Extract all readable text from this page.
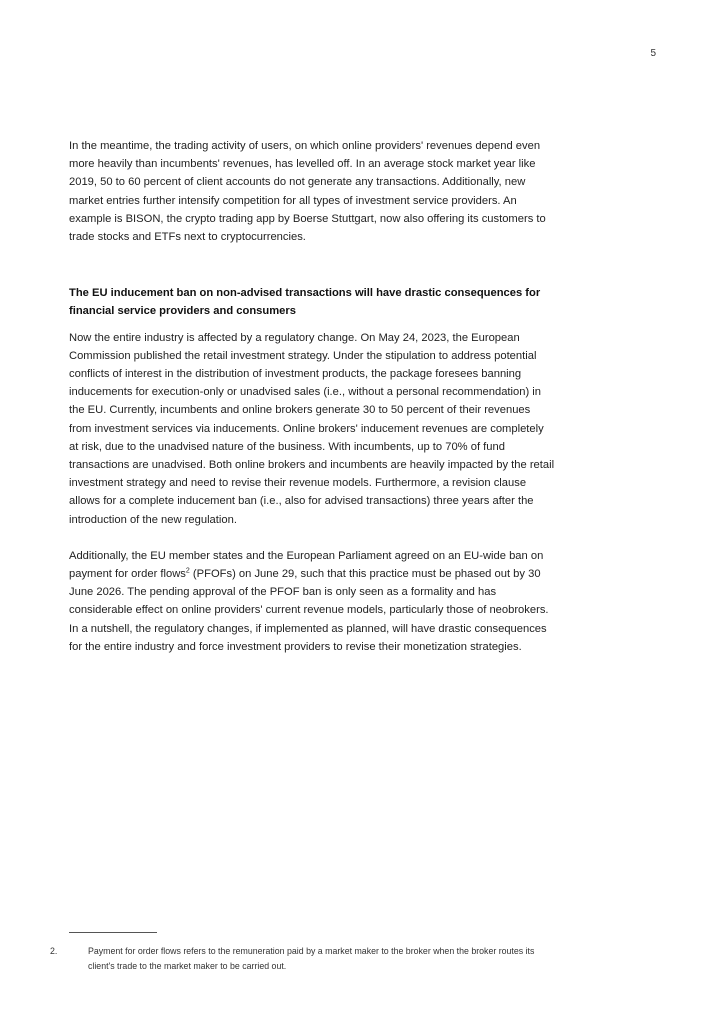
5

In the meantime, the trading activity of users, on which online providers' revenues depend even more heavily than incumbents' revenues, has levelled off. In an average stock market year like 2019, 50 to 60 percent of client accounts do not generate any transactions. Additionally, new market entries further intensify competition for all types of investment service providers. An example is BISON, the crypto trading app by Boerse Stuttgart, now also offering its customers to trade stocks and ETFs next to cryptocurrencies.

The EU inducement ban on non-advised transactions will have drastic consequences for financial service providers and consumers

Now the entire industry is affected by a regulatory change. On May 24, 2023, the European Commission published the retail investment strategy. Under the stipulation to address potential conflicts of interest in the distribution of investment products, the package foresees banning inducements for execution-only or unadvised sales (i.e., without a personal recommendation) in the EU. Currently, incumbents and online brokers generate 30 to 50 percent of their revenues from investment services via inducements. Online brokers' inducement revenues are completely at risk, due to the unadvised nature of the business. With incumbents, up to 70% of fund transactions are unadvised. Both online brokers and incumbents are heavily impacted by the retail investment strategy and need to revise their revenue models. Furthermore, a revision clause allows for a complete inducement ban (i.e., also for advised transactions) three years after the introduction of the new regulation.

Additionally, the EU member states and the European Parliament agreed on an EU-wide ban on payment for order flows$^2$ (PFOFs) on June 29, such that this practice must be phased out by 30 June 2026. The pending approval of the PFOF ban is only seen as a formality and has considerable effect on online providers' current revenue models, particularly those of neobrokers. In a nutshell, the regulatory changes, if implemented as planned, will have drastic consequences for the entire industry and force investment providers to revise their monetization strategies.

2.	Payment for order flows refers to the remuneration paid by a market maker to the broker when the broker routes its client's trade to the market maker to be carried out.
